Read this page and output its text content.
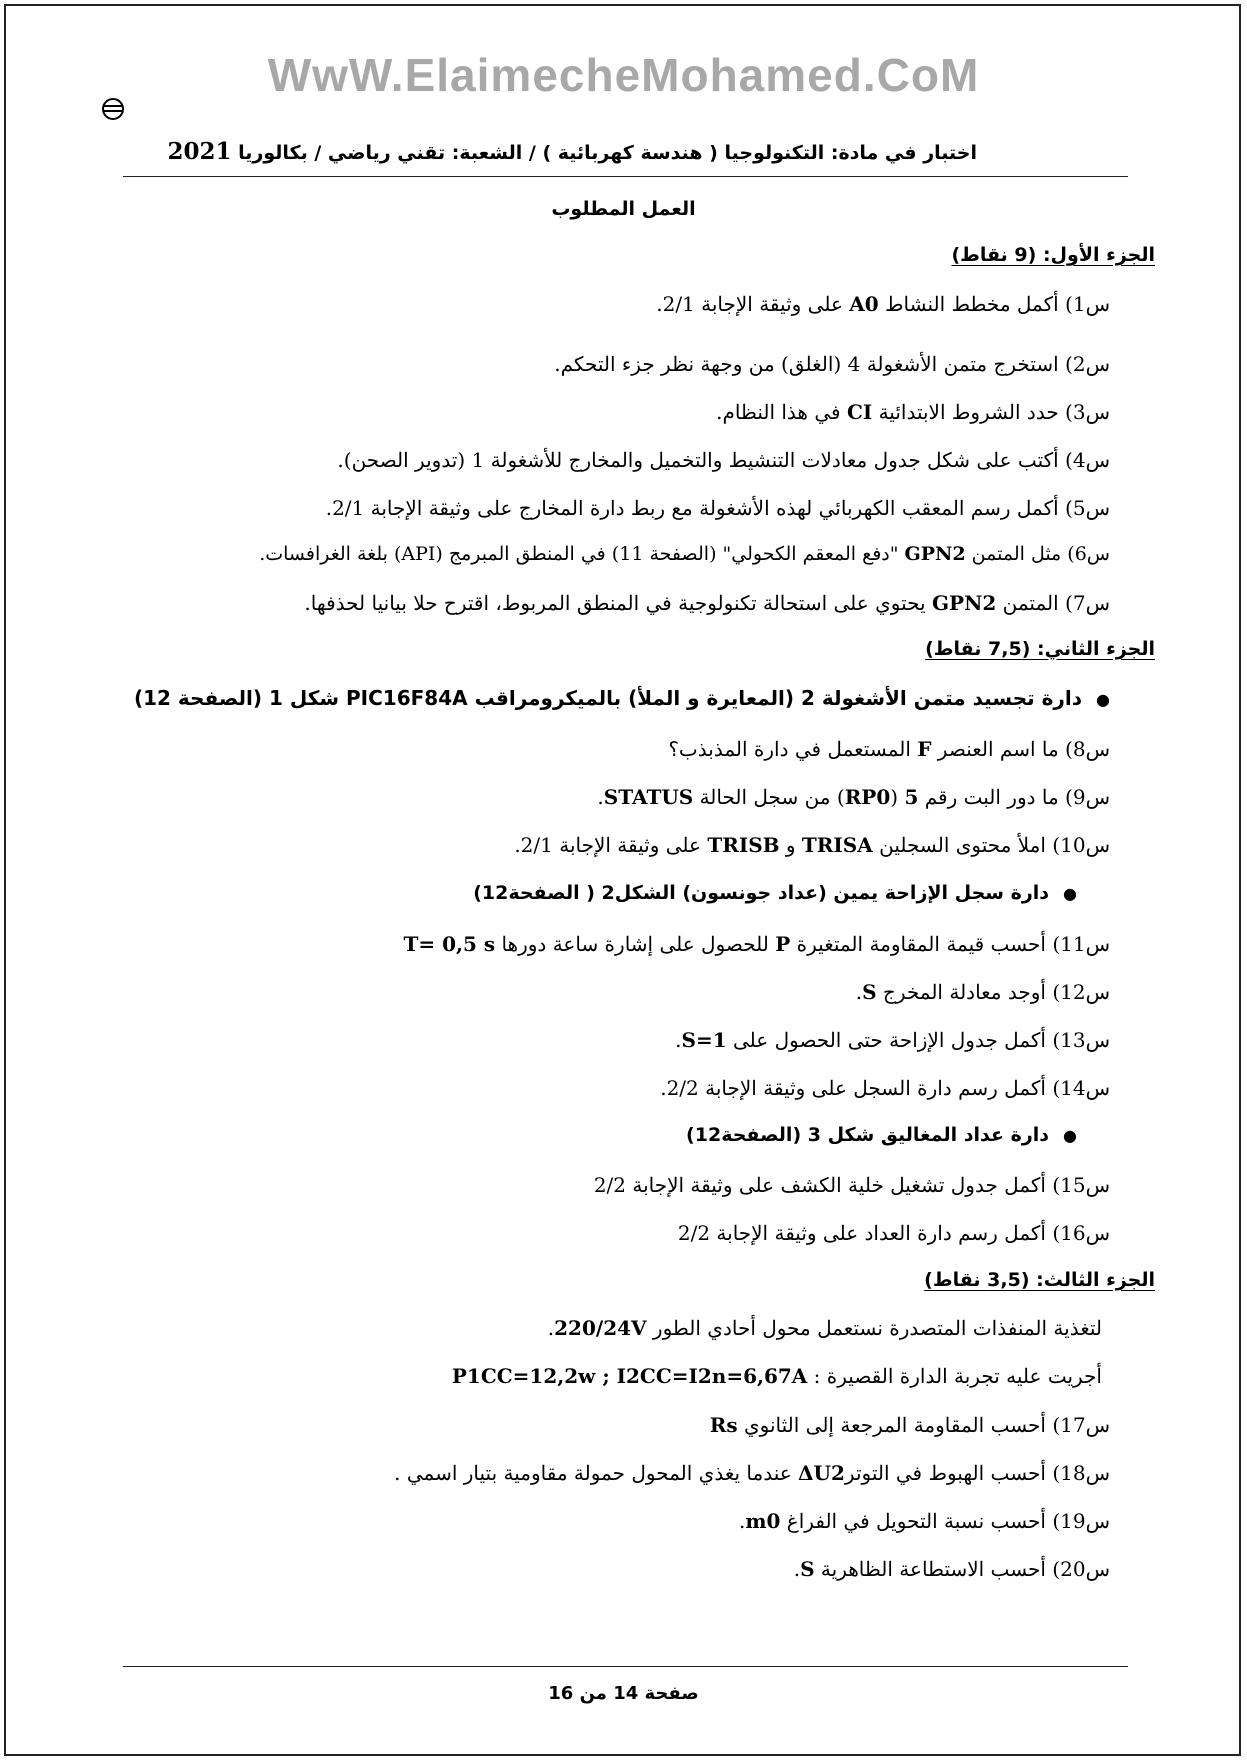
WwW.ElaimecheMohamed.CoM
اختبار في مادة: التكنولوجيا ( هندسة كهربائية ) / الشعبة: تقني رياضي / بكالوريا 2021
العمل المطلوب
الجزء الأول: (9 نقاط)
س1) أكمل مخطط النشاط A0 على وثيقة الإجابة 2/1.
س2) استخرج متمن الأشغولة 4 (الغلق) من وجهة نظر جزء التحكم.
س3) حدد الشروط الابتدائية CI في هذا النظام.
س4) أكتب على شكل جدول معادلات التنشيط والتخميل والمخارج للأشغولة 1 (تدوير الصحن).
س5) أكمل رسم المعقب الكهربائي لهذه الأشغولة مع ربط دارة المخارج على وثيقة الإجابة 2/1.
س6) مثل المتمن GPN2 "دفع المعقم الكحولي" (الصفحة 11) في المنطق المبرمج (API) بلغة الغرافسات.
س7) المتمن GPN2 يحتوي على استحالة تكنولوجية في المنطق المربوط، اقترح حلا بيانيا لحذفها.
الجزء الثاني: (7,5 نقاط)
●دارة تجسيد متمن الأشغولة 2 (المعايرة و الملأ) بالميكرومراقب PIC16F84A شكل 1 (الصفحة 12)
س8) ما اسم العنصر F المستعمل في دارة المذبذب؟
س9) ما دور البت رقم 5 (RP0) من سجل الحالة STATUS.
س10) املأ محتوى السجلين TRISA و TRISB على وثيقة الإجابة 2/1.
●دارة سجل الإزاحة يمين (عداد جونسون) الشكل2 ( الصفحة12)
س11) أحسب قيمة المقاومة المتغيرة P للحصول على إشارة ساعة دورها T= 0,5 s
س12) أوجد معادلة المخرج S.
س13) أكمل جدول الإزاحة حتى الحصول على S=1.
س14) أكمل رسم دارة السجل على وثيقة الإجابة 2/2.
●دارة عداد المغاليق شكل 3 (الصفحة12)
س15) أكمل جدول تشغيل خلية الكشف على وثيقة الإجابة 2/2
س16) أكمل رسم دارة العداد على وثيقة الإجابة 2/2
الجزء الثالث: (3,5 نقاط)
لتغذية المنفذات المتصدرة نستعمل محول أحادي الطور 220/24V.
أجريت عليه تجربة الدارة القصيرة : P1CC=12,2w ; I2CC=I2n=6,67A
س17) أحسب المقاومة المرجعة إلى الثانوي Rs
س18) أحسب الهبوط في التوترΔU2 عندما يغذي المحول حمولة مقاومية بتيار اسمي .
س19) أحسب نسبة التحويل في الفراغ m0.
س20) أحسب الاستطاعة الظاهرية S.
صفحة 14 من 16
